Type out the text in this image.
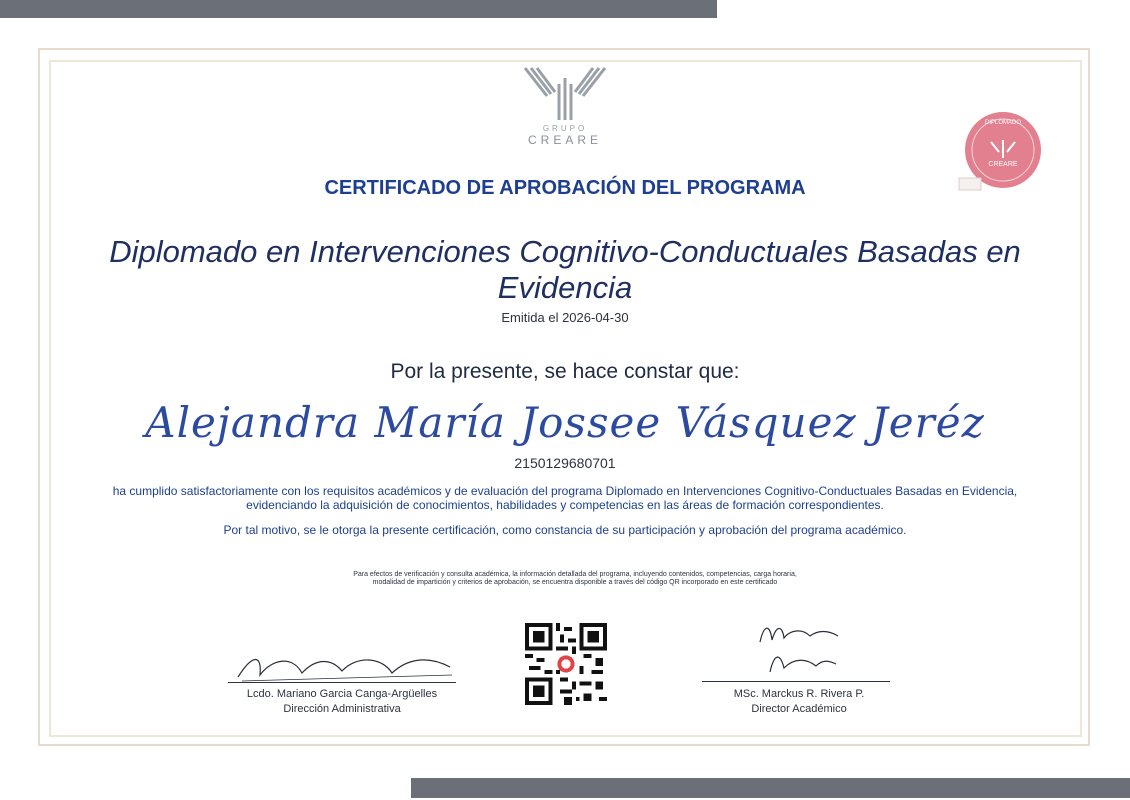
GRUPO
CREARE
DIPLOMADO
CREARE
CERTIFICADO DE APROBACIÓN DEL PROGRAMA
Diplomado en Intervenciones Cognitivo-Conductuales Basadas en Evidencia
Emitida el 2026-04-30
Por la presente, se hace constar que:
Alejandra María Jossee Vásquez Jeréz
2150129680701
ha cumplido satisfactoriamente con los requisitos académicos y de evaluación del programa Diplomado en Intervenciones Cognitivo-Conductuales Basadas en Evidencia, evidenciando la adquisición de conocimientos, habilidades y competencias en las áreas de formación correspondientes.
Por tal motivo, se le otorga la presente certificación, como constancia de su participación y aprobación del programa académico.
Para efectos de verificación y consulta académica, la información detallada del programa, incluyendo contenidos, competencias, carga horaria, modalidad de impartición y criterios de aprobación, se encuentra disponible a través del código QR incorporado en este certificado
Lcdo. Mariano Garcia Canga-Argüelles
Dirección Administrativa
MSc. Marckus R. Rivera P.
Director Académico
